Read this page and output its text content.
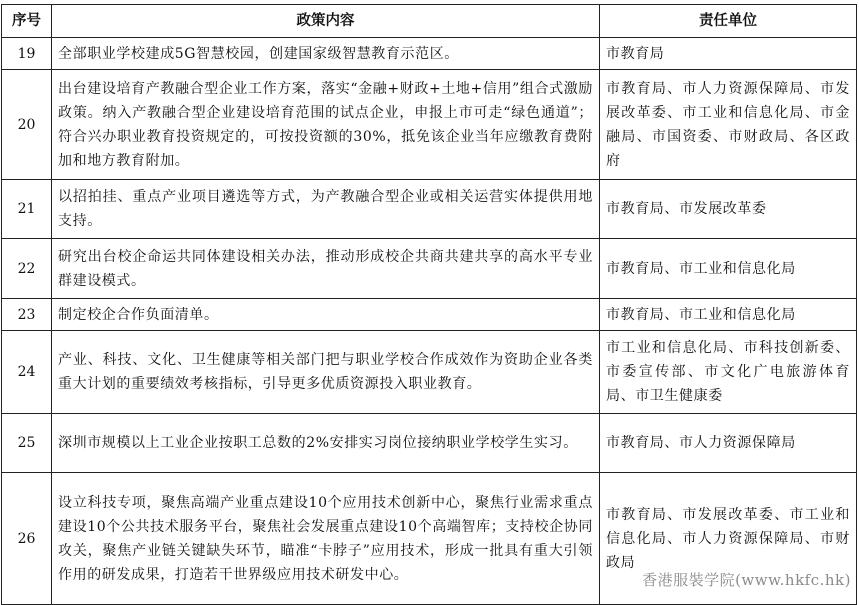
序号	政策内容	责任单位
19	全部职业学校建成5G智慧校园，创建国家级智慧教育示范区。	市教育局
20	出台建设培育产教融合型企业工作方案，落实“金融+财政+土地+信用”组合式激励政策。纳入产教融合型企业建设培育范围的试点企业，申报上市可走“绿色通道”；符合兴办职业教育投资规定的，可按投资额的30%，抵免该企业当年应缴教育费附加和地方教育附加。	市教育局、市人力资源保障局、市发展改革委、市工业和信息化局、市金融局、市国资委、市财政局、各区政府
21	以招拍挂、重点产业项目遴选等方式，为产教融合型企业或相关运营实体提供用地支持。	市教育局、市发展改革委
22	研究出台校企命运共同体建设相关办法，推动形成校企共商共建共享的高水平专业群建设模式。	市教育局、市工业和信息化局
23	制定校企合作负面清单。	市教育局、市工业和信息化局
24	产业、科技、文化、卫生健康等相关部门把与职业学校合作成效作为资助企业各类重大计划的重要绩效考核指标，引导更多优质资源投入职业教育。	市工业和信息化局、市科技创新委、市委宣传部、市文化广电旅游体育局、市卫生健康委
25	深圳市规模以上工业企业按职工总数的2%安排实习岗位接纳职业学校学生实习。	市教育局、市人力资源保障局
26	设立科技专项，聚焦高端产业重点建设10个应用技术创新中心，聚焦行业需求重点建设10个公共技术服务平台，聚焦社会发展重点建设10个高端智库；支持校企协同攻关，聚焦产业链关键缺失环节，瞄准“卡脖子”应用技术，形成一批具有重大引领作用的研发成果，打造若干世界级应用技术研发中心。	市教育局、市发展改革委、市工业和信息化局、市人力资源保障局、市财政局
香港服裝学院(www.hkfc.hk)
